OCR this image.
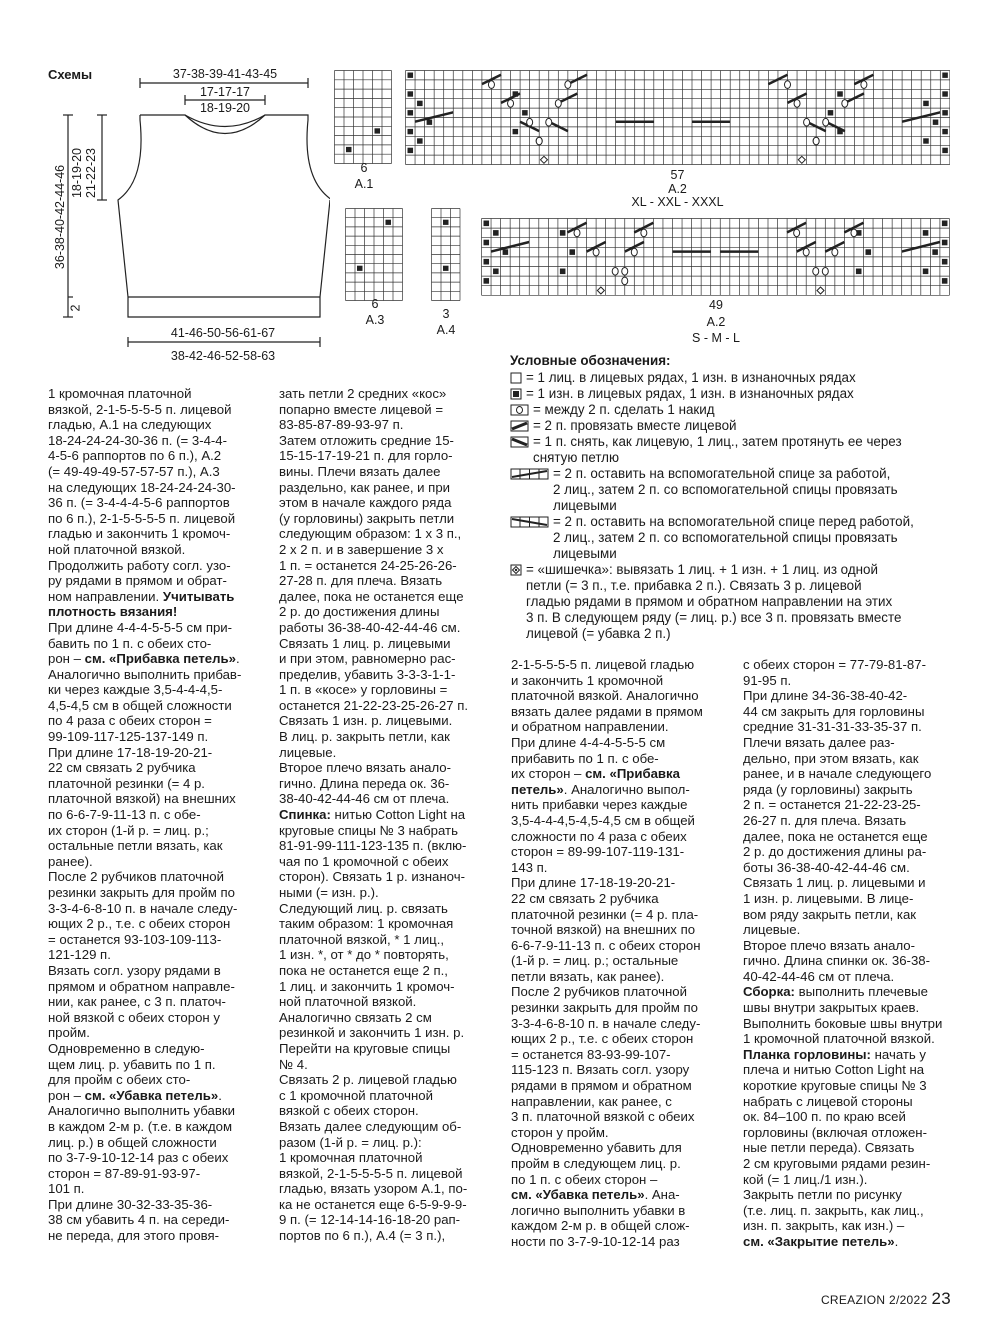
Схемы	37-38-39-41-43-45
17-17-17
18-19-20
36-38-40-42-44-46 18-19-20 21-22-23
2
41-46-50-56-61-67
38-42-46-52-58-63
6
A.1
57
A.2
XL - XXL - XXXL
6
A.3	3
A.4
49
A.2
S - M - L
Условные обозначения:
= 1 лиц. в лицевых рядах, 1 изн. в изнаночных рядах
= 1 изн. в лицевых рядах, 1 изн. в изнаночных рядах
= между 2 п. сделать 1 накид
= 2 п. провязать вместе лицевой
= 1 п. снять, как лицевую, 1 лиц., затем протянуть ее через
снятую петлю
= 2 п. оставить на вспомогательной спице за работой,
2 лиц., затем 2 п. со вспомогательной спицы провязать
лицевыми
= 2 п. оставить на вспомогательной спице перед работой,
2 лиц., затем 2 п. со вспомогательной спицы провязать
лицевыми
= «шишечка»: вывязать 1 лиц. + 1 изн. + 1 лиц. из одной
петли (= 3 п., т.е. прибавка 2 п.). Связать 3 р. лицевой
гладью рядами в прямом и обратном направлении на этих
3 п. В следующем ряду (= лиц. р.) все 3 п. провязать вместе
лицевой (= убавка 2 п.)
1 кромочная платочной
вязкой, 2-1-5-5-5-5 п. лицевой
гладью, А.1 на следующих
18-24-24-24-30-36 п. (= 3-4-4-
4-5-6 раппортов по 6 п.), А.2
(= 49-49-49-57-57-57 п.), А.3
на следующих 18-24-24-24-30-
36 п. (= 3-4-4-4-5-6 раппортов
по 6 п.), 2-1-5-5-5-5 п. лицевой
гладью и закончить 1 кромоч-
ной платочной вязкой.
Продолжить работу согл. узо-
ру рядами в прямом и обрат-
ном направлении. Учитывать
плотность вязания!
При длине 4-4-4-5-5-5 см при-
бавить по 1 п. с обеих сто-
рон – см. «Прибавка петель».
Аналогично выполнить прибав-
ки через каждые 3,5-4-4-4,5-
4,5-4,5 см в общей сложности
по 4 раза с обеих сторон =
99-109-117-125-137-149 п.
При длине 17-18-19-20-21-
22 см связать 2 рубчика
платочной резинки (= 4 р.
платочной вязкой) на внешних
по 6-6-7-9-11-13 п. с обе-
их сторон (1-й р. = лиц. р.;
остальные петли вязать, как
ранее).
После 2 рубчиков платочной
резинки закрыть для пройм по
3-3-4-6-8-10 п. в начале следу-
ющих 2 р., т.е. с обеих сторон
= останется 93-103-109-113-
121-129 п.
Вязать согл. узору рядами в
прямом и обратном направле-
нии, как ранее, с 3 п. платоч-
ной вязкой с обеих сторон у
пройм.
Одновременно в следую-
щем лиц. р. убавить по 1 п.
для пройм с обеих сто-
рон – см. «Убавка петель».
Аналогично выполнить убавки
в каждом 2-м р. (т.е. в каждом
лиц. р.) в общей сложности
по 3-7-9-10-12-14 раз с обеих
сторон = 87-89-91-93-97-
101 п.
При длине 30-32-33-35-36-
38 см убавить 4 п. на середи-
не переда, для этого провя-
зать петли 2 средних «кос»
попарно вместе лицевой =
83-85-87-89-93-97 п.
Затем отложить средние 15-
15-15-17-19-21 п. для горло-
вины. Плечи вязать далее
раздельно, как ранее, и при
этом в начале каждого ряда
(у горловины) закрыть петли
следующим образом: 1 х 3 п.,
2 х 2 п. и в завершение 3 х
1 п. = останется 24-25-26-26-
27-28 п. для плеча. Вязать
далее, пока не останется еще
2 р. до достижения длины
работы 36-38-40-42-44-46 см.
Связать 1 лиц. р. лицевыми
и при этом, равномерно рас-
пределив, убавить 3-3-3-1-1-
1 п. в «косе» у горловины =
останется 21-22-23-25-26-27 п.
Связать 1 изн. р. лицевыми.
В лиц. р. закрыть петли, как
лицевые.
Второе плечо вязать анало-
гично. Длина переда ок. 36-
38-40-42-44-46 см от плеча.
Спинка: нитью Cotton Light на
круговые спицы № 3 набрать
81-91-99-111-123-135 п. (вклю-
чая по 1 кромочной с обеих
сторон). Связать 1 р. изнаноч-
ными (= изн. р.).
Следующий лиц. р. связать
таким образом: 1 кромочная
платочной вязкой, * 1 лиц.,
1 изн. *, от * до * повторять,
пока не останется еще 2 п.,
1 лиц. и закончить 1 кромоч-
ной платочной вязкой.
Аналогично связать 2 см
резинкой и закончить 1 изн. р.
Перейти на круговые спицы
№ 4.
Связать 2 р. лицевой гладью
с 1 кромочной платочной
вязкой с обеих сторон.
Вязать далее следующим об-
разом (1-й р. = лиц. р.):
1 кромочная платочной
вязкой, 2-1-5-5-5-5 п. лицевой
гладью, вязать узором А.1, по-
ка не останется еще 6-5-9-9-9-
9 п. (= 12-14-14-16-18-20 рап-
портов по 6 п.), А.4 (= 3 п.),
2-1-5-5-5-5 п. лицевой гладью
и закончить 1 кромочной
платочной вязкой. Аналогично
вязать далее рядами в прямом
и обратном направлении.
При длине 4-4-4-5-5-5 см
прибавить по 1 п. с обе-
их сторон – см. «Прибавка
петель». Аналогично выпол-
нить прибавки через каждые
3,5-4-4-4,5-4,5-4,5 см в общей
сложности по 4 раза с обеих
сторон = 89-99-107-119-131-
143 п.
При длине 17-18-19-20-21-
22 см связать 2 рубчика
платочной резинки (= 4 р. пла-
точной вязкой) на внешних по
6-6-7-9-11-13 п. с обеих сторон
(1-й р. = лиц. р.; остальные
петли вязать, как ранее).
После 2 рубчиков платочной
резинки закрыть для пройм по
3-3-4-6-8-10 п. в начале следу-
ющих 2 р., т.е. с обеих сторон
= останется 83-93-99-107-
115-123 п. Вязать согл. узору
рядами в прямом и обратном
направлении, как ранее, с
3 п. платочной вязкой с обеих
сторон у пройм.
Одновременно убавить для
пройм в следующем лиц. р.
по 1 п. с обеих сторон –
см. «Убавка петель». Ана-
логично выполнить убавки в
каждом 2-м р. в общей слож-
ности по 3-7-9-10-12-14 раз
с обеих сторон = 77-79-81-87-
91-95 п.
При длине 34-36-38-40-42-
44 см закрыть для горловины
средние 31-31-31-33-35-37 п.
Плечи вязать далее раз-
дельно, при этом вязать, как
ранее, и в начале следующего
ряда (у горловины) закрыть
2 п. = останется 21-22-23-25-
26-27 п. для плеча. Вязать
далее, пока не останется еще
2 р. до достижения длины ра-
боты 36-38-40-42-44-46 см.
Связать 1 лиц. р. лицевыми и
1 изн. р. лицевыми. В лице-
вом ряду закрыть петли, как
лицевые.
Второе плечо вязать анало-
гично. Длина спинки ок. 36-38-
40-42-44-46 см от плеча.
Сборка: выполнить плечевые
швы внутри закрытых краев.
Выполнить боковые швы внутри
1 кромочной платочной вязкой.
Планка горловины: начать у
плеча и нитью Cotton Light на
короткие круговые спицы № 3
набрать с лицевой стороны
ок. 84–100 п. по краю всей
горловины (включая отложен-
ные петли переда). Связать
2 см круговыми рядами резин-
кой (= 1 лиц./1 изн.).
Закрыть петли по рисунку
(т.е. лиц. п. закрыть, как лиц.,
изн. п. закрыть, как изн.) –
см. «Закрытие петель».
CREAZION 2/2022 23
